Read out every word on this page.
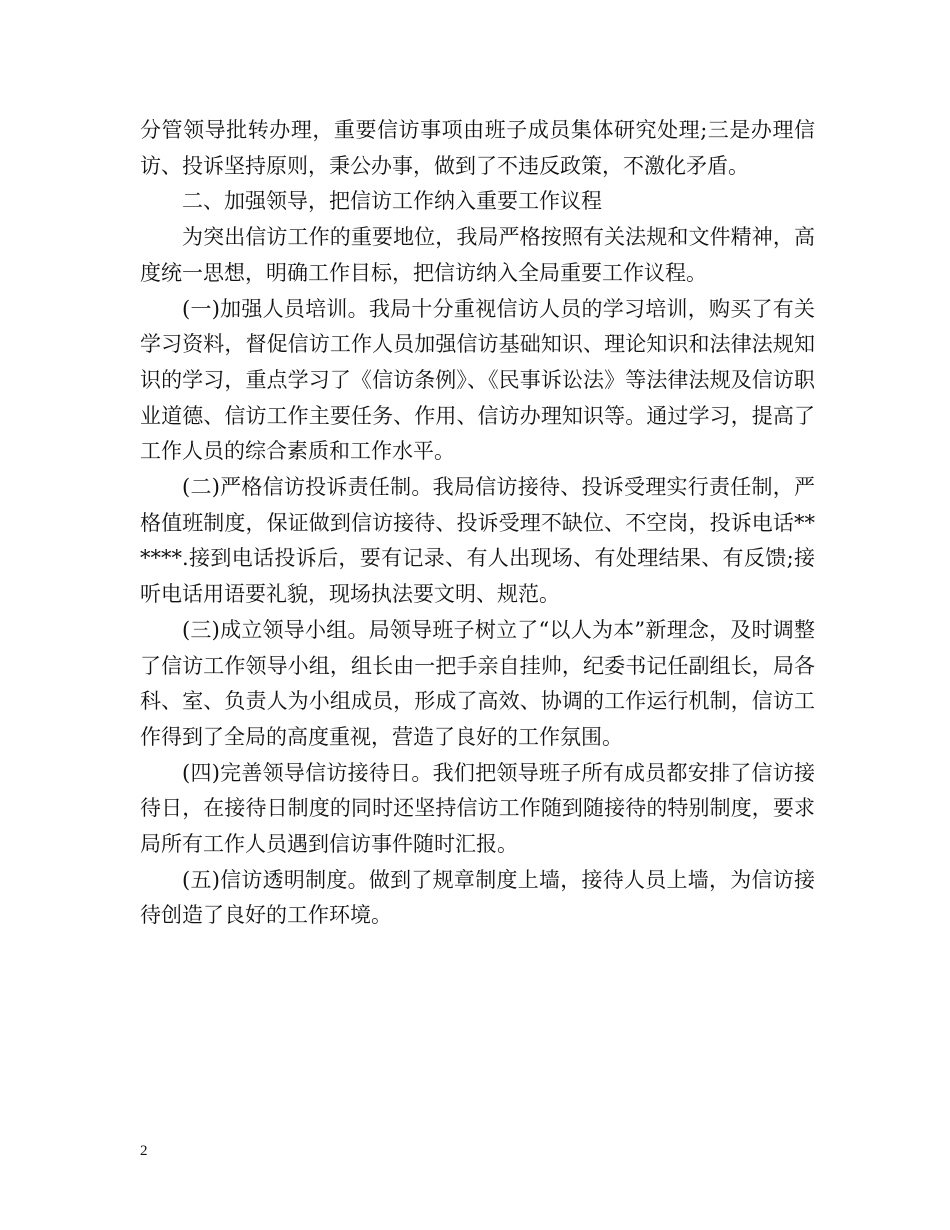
分管领导批转办理，重要信访事项由班子成员集体研究处理;三是办理信访、投诉坚持原则，秉公办事，做到了不违反政策，不激化矛盾。

二、加强领导，把信访工作纳入重要工作议程

为突出信访工作的重要地位，我局严格按照有关法规和文件精神，高度统一思想，明确工作目标，把信访纳入全局重要工作议程。

(一)加强人员培训。我局十分重视信访人员的学习培训，购买了有关学习资料，督促信访工作人员加强信访基础知识、理论知识和法律法规知识的学习，重点学习了《信访条例》、《民事诉讼法》等法律法规及信访职业道德、信访工作主要任务、作用、信访办理知识等。通过学习，提高了工作人员的综合素质和工作水平。

(二)严格信访投诉责任制。我局信访接待、投诉受理实行责任制，严格值班制度，保证做到信访接待、投诉受理不缺位、不空岗，投诉电话******.接到电话投诉后，要有记录、有人出现场、有处理结果、有反馈;接听电话用语要礼貌，现场执法要文明、规范。

(三)成立领导小组。局领导班子树立了“以人为本”新理念，及时调整了信访工作领导小组，组长由一把手亲自挂帅，纪委书记任副组长，局各科、室、负责人为小组成员，形成了高效、协调的工作运行机制，信访工作得到了全局的高度重视，营造了良好的工作氛围。

(四)完善领导信访接待日。我们把领导班子所有成员都安排了信访接待日，在接待日制度的同时还坚持信访工作随到随接待的特别制度，要求局所有工作人员遇到信访事件随时汇报。

(五)信访透明制度。做到了规章制度上墙，接待人员上墙，为信访接待创造了良好的工作环境。

2
